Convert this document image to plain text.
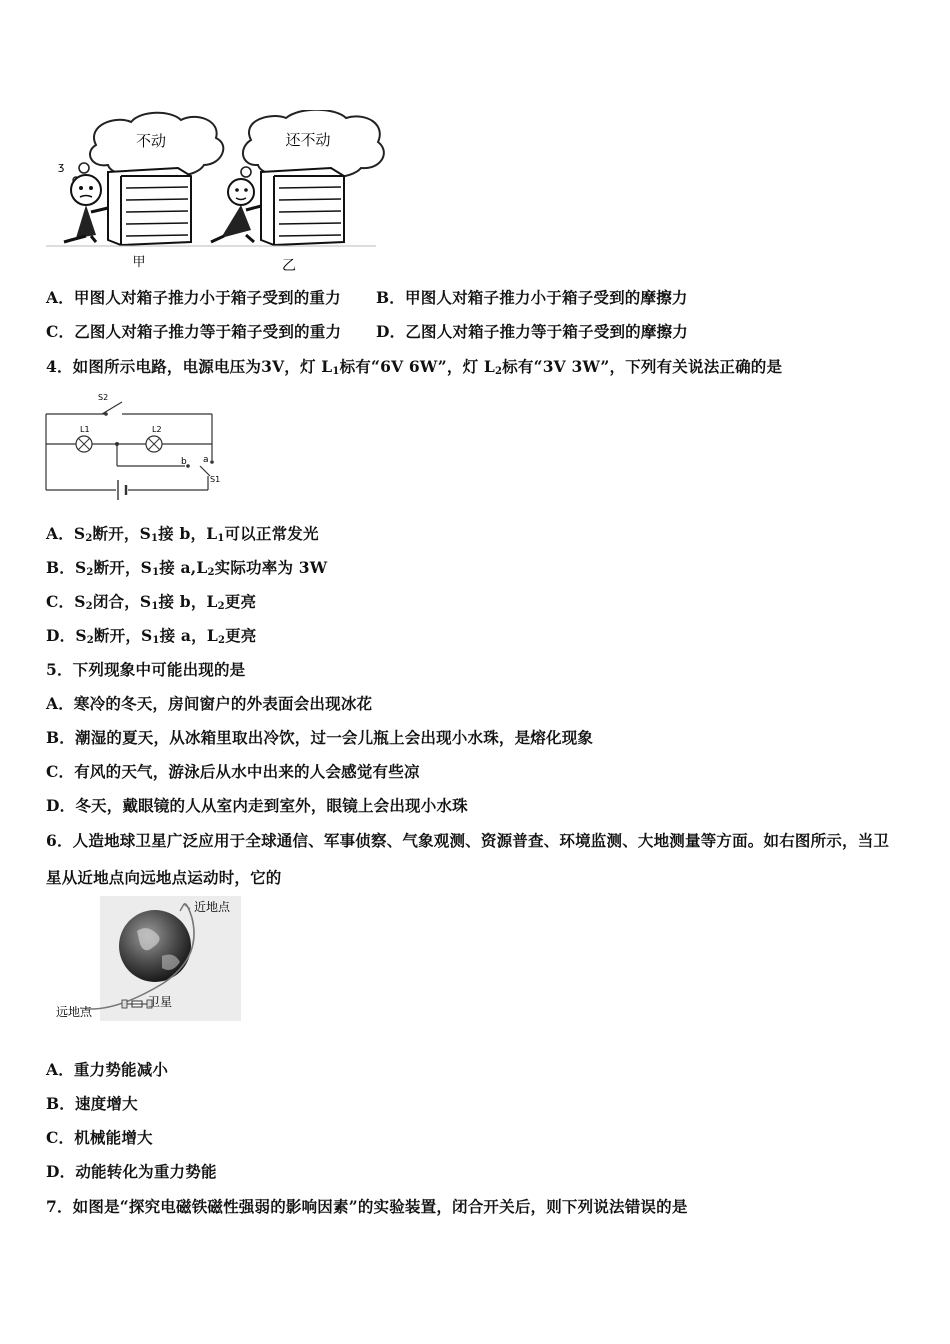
不动	还不动
ʒ
甲	乙
A．甲图人对箱子推力小于箱子受到的重力 B．甲图人对箱子推力小于箱子受到的摩擦力
C．乙图人对箱子推力等于箱子受到的重力 D．乙图人对箱子推力等于箱子受到的摩擦力
4．如图所示电路，电源电压为3V，灯 $L_1$标有“6V 6W”，灯 $L_2$标有“3V 3W”，下列有关说法正确的是
S2
L1	L2
b a
S1
A．$S_2$断开，$S_1$接 b，$L_1$可以正常发光
B．$S_2$断开，$S_1$接 $a,L_2$实际功率为 3W
C．$S_2$闭合，$S_1$接 b，$L_2$更亮
D．$S_2$断开，$S_1$接 a，$L_2$更亮
5．下列现象中可能出现的是
A．寒冷的冬天，房间窗户的外表面会出现冰花
B．潮湿的夏天，从冰箱里取出冷饮，过一会儿瓶上会出现小水珠，是熔化现象
C．有风的天气，游泳后从水中出来的人会感觉有些凉
D．冬天，戴眼镜的人从室内走到室外，眼镜上会出现小水珠
6．人造地球卫星广泛应用于全球通信、军事侦察、气象观测、资源普查、环境监测、大地测量等方面。如右图所示，当卫
星从近地点向远地点运动时，它的
近地点
远地点
卫星
A．重力势能减小
B．速度增大
C．机械能增大
D．动能转化为重力势能
7．如图是“探究电磁铁磁性强弱的影响因素”的实验装置，闭合开关后，则下列说法错误的是
